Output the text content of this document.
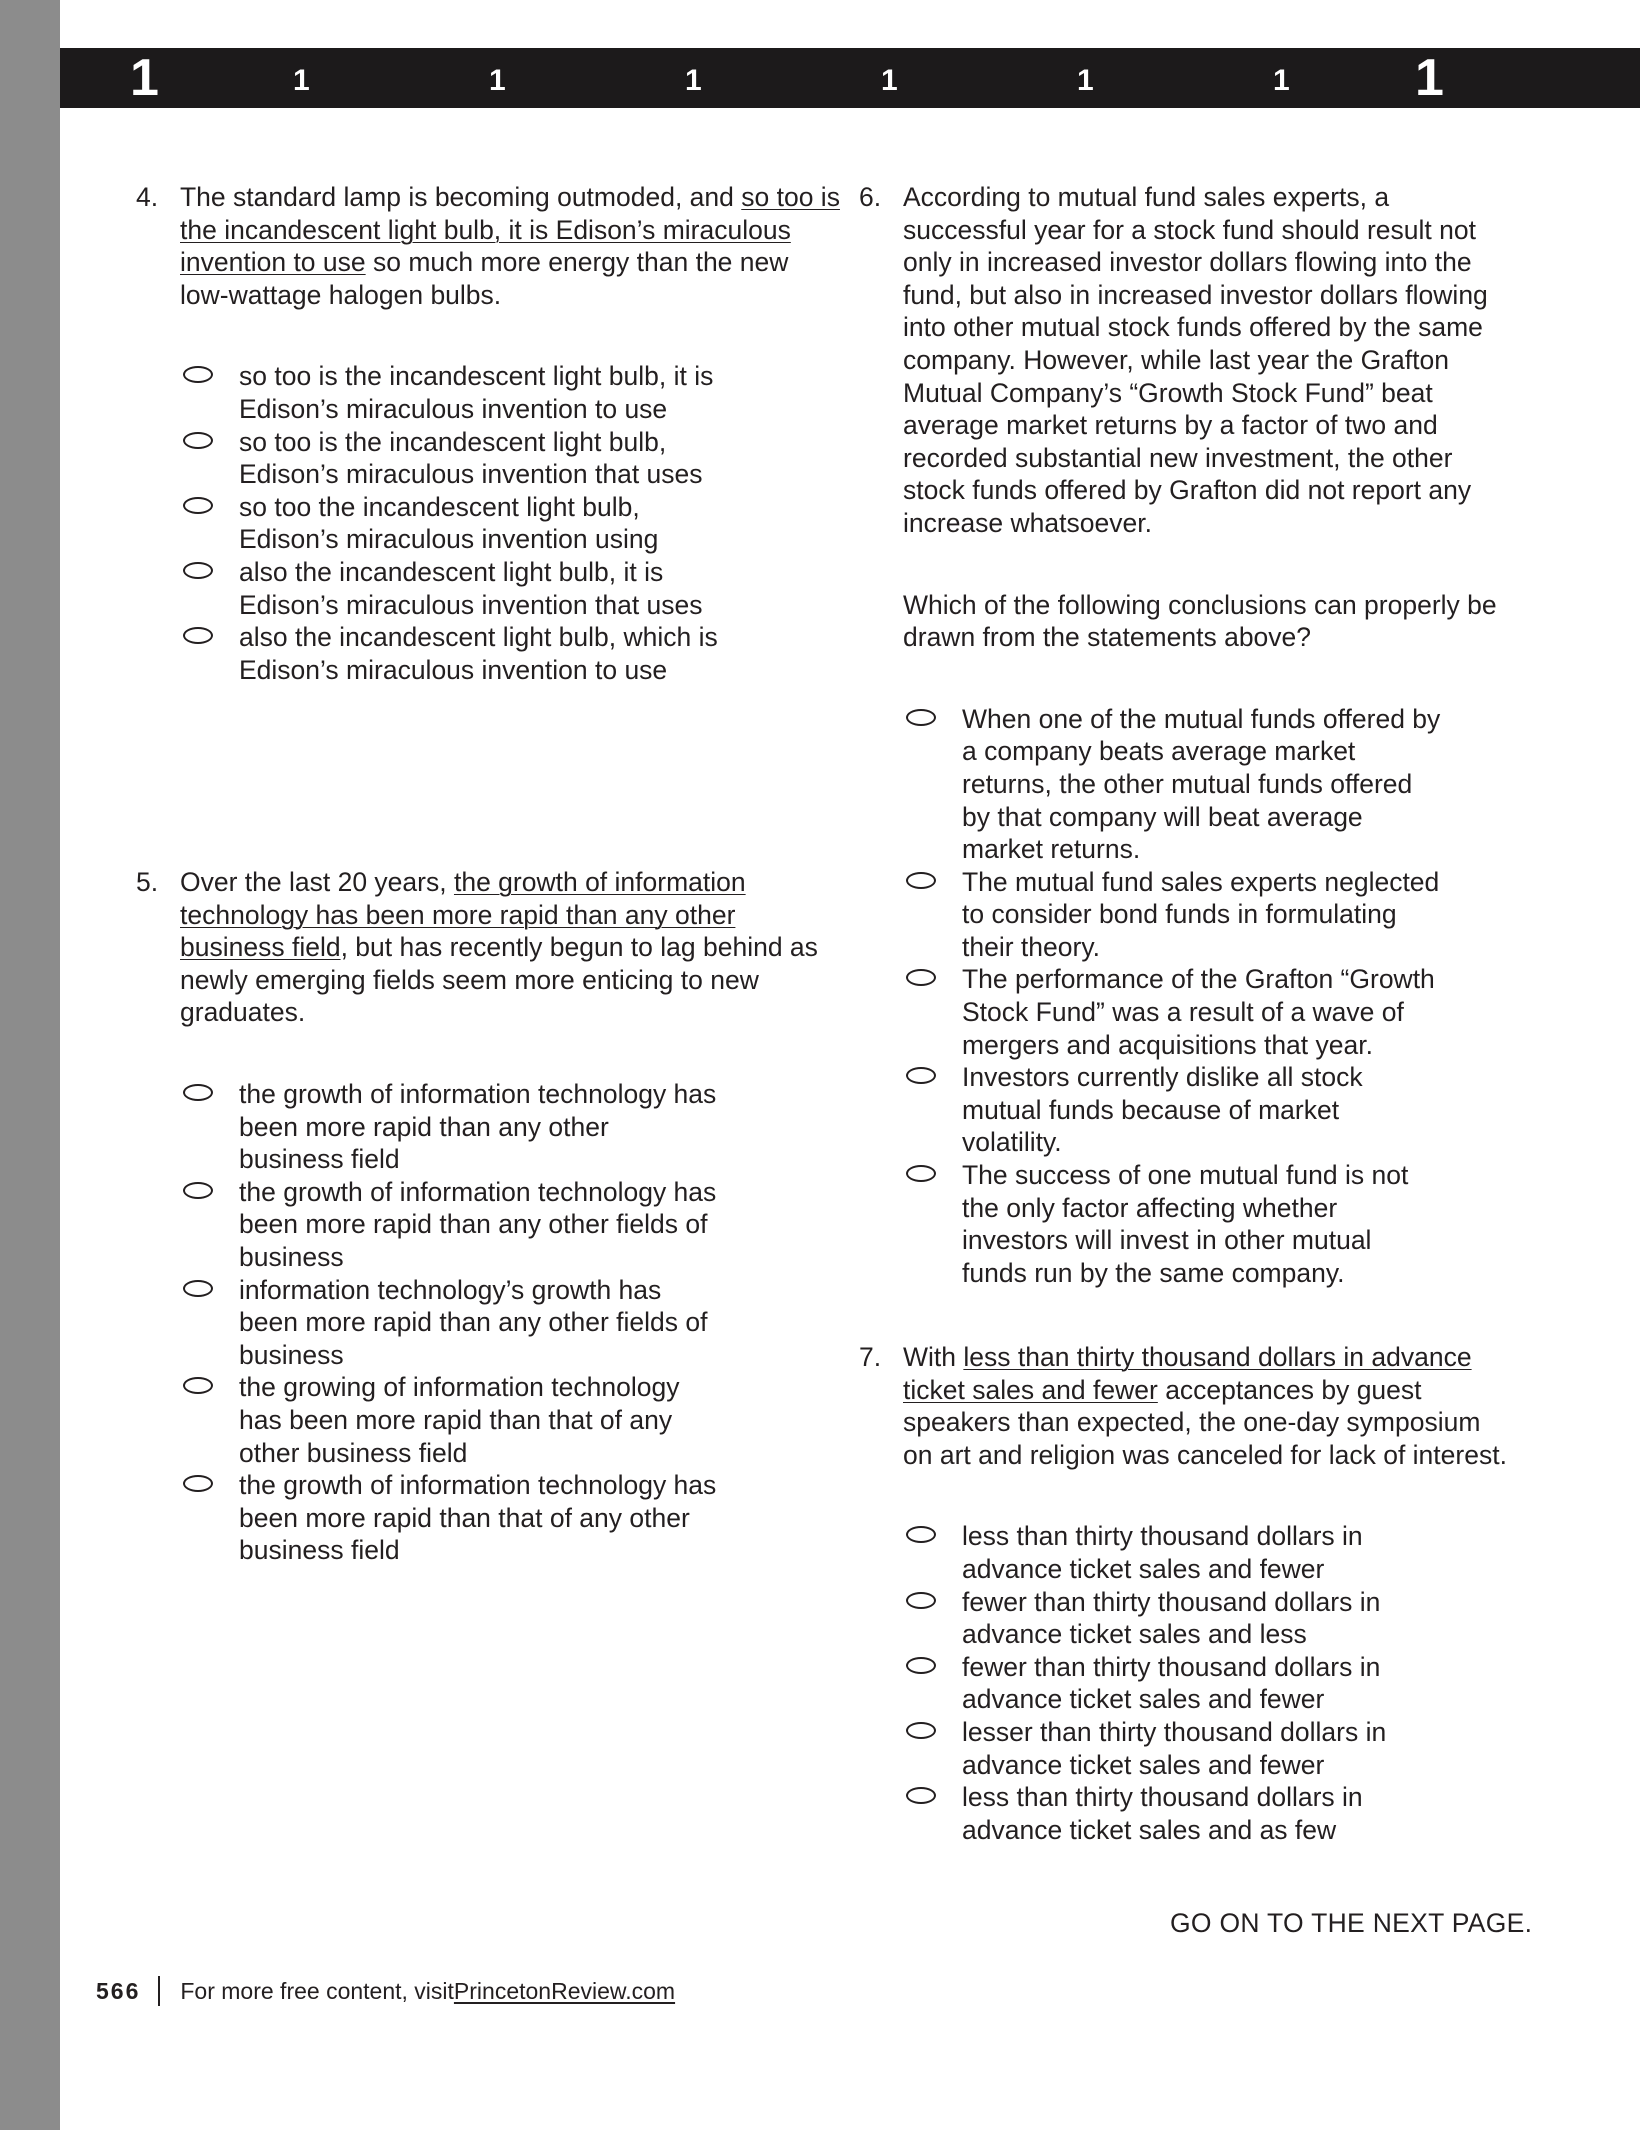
1	1	1	1	1	1	1 1
4. The standard lamp is becoming outmoded, and so too is the incandescent light bulb, it is Edison’s miraculous invention to use so much more energy than the new low-wattage halogen bulbs.

so too is the incandescent light bulb, it is Edison’s miraculous invention to use
so too is the incandescent light bulb, Edison’s miraculous invention that uses
so too the incandescent light bulb, Edison’s miraculous invention using
also the incandescent light bulb, it is Edison’s miraculous invention that uses
also the incandescent light bulb, which is Edison’s miraculous invention to use
5. Over the last 20 years, the growth of information technology has been more rapid than any other business field, but has recently begun to lag behind as newly emerging fields seem more enticing to new graduates.

the growth of information technology has been more rapid than any other business field
the growth of information technology has been more rapid than any other fields of business
information technology’s growth has been more rapid than any other fields of business
the growing of information technology has been more rapid than that of any other business field
the growth of information technology has been more rapid than that of any other business field
6. According to mutual fund sales experts, a successful year for a stock fund should result not only in increased investor dollars flowing into the fund, but also in increased investor dollars flowing into other mutual stock funds offered by the same company. However, while last year the Grafton Mutual Company’s “Growth Stock Fund” beat average market returns by a factor of two and recorded substantial new investment, the other stock funds offered by Grafton did not report any increase whatsoever.

Which of the following conclusions can properly be drawn from the statements above?

When one of the mutual funds offered by a company beats average market returns, the other mutual funds offered by that company will beat average market returns.
The mutual fund sales experts neglected to consider bond funds in formulating their theory.
The performance of the Grafton “Growth Stock Fund” was a result of a wave of mergers and acquisitions that year.
Investors currently dislike all stock mutual funds because of market volatility.
The success of one mutual fund is not the only factor affecting whether investors will invest in other mutual funds run by the same company.
7. With less than thirty thousand dollars in advance ticket sales and fewer acceptances by guest speakers than expected, the one-day symposium on art and religion was canceled for lack of interest.

less than thirty thousand dollars in advance ticket sales and fewer
fewer than thirty thousand dollars in advance ticket sales and less
fewer than thirty thousand dollars in advance ticket sales and fewer
lesser than thirty thousand dollars in advance ticket sales and fewer
less than thirty thousand dollars in advance ticket sales and as few
GO ON TO THE NEXT PAGE.
566 For more free content, visit PrincetonReview.com
